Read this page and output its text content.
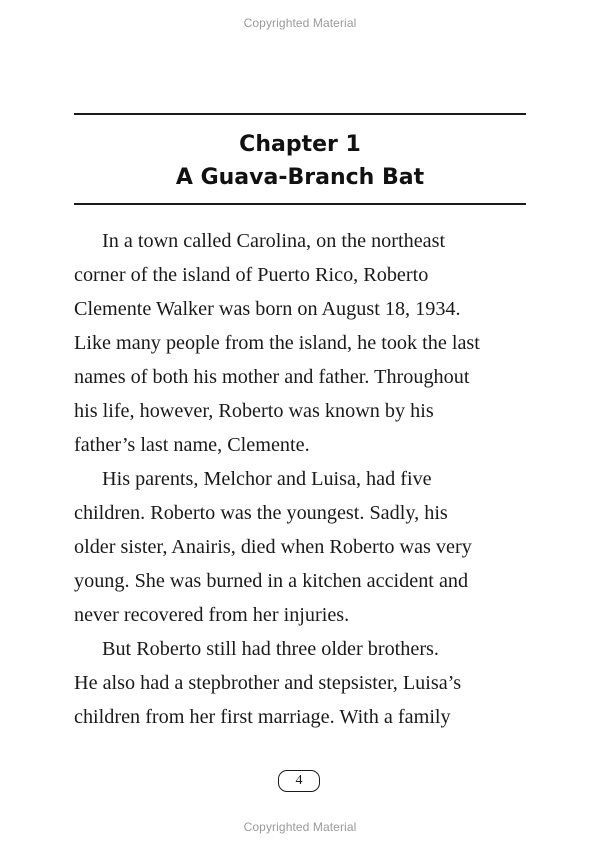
Copyrighted Material
Chapter 1
A Guava-Branch Bat
In a town called Carolina, on the northeast
corner of the island of Puerto Rico, Roberto
Clemente Walker was born on August 18, 1934.
Like many people from the island, he took the last
names of both his mother and father. Throughout
his life, however, Roberto was known by his
father’s last name, Clemente.
His parents, Melchor and Luisa, had five
children. Roberto was the youngest. Sadly, his
older sister, Anairis, died when Roberto was very
young. She was burned in a kitchen accident and
never recovered from her injuries.
But Roberto still had three older brothers.
He also had a stepbrother and stepsister, Luisa’s
children from her first marriage. With a family
4
Copyrighted Material
